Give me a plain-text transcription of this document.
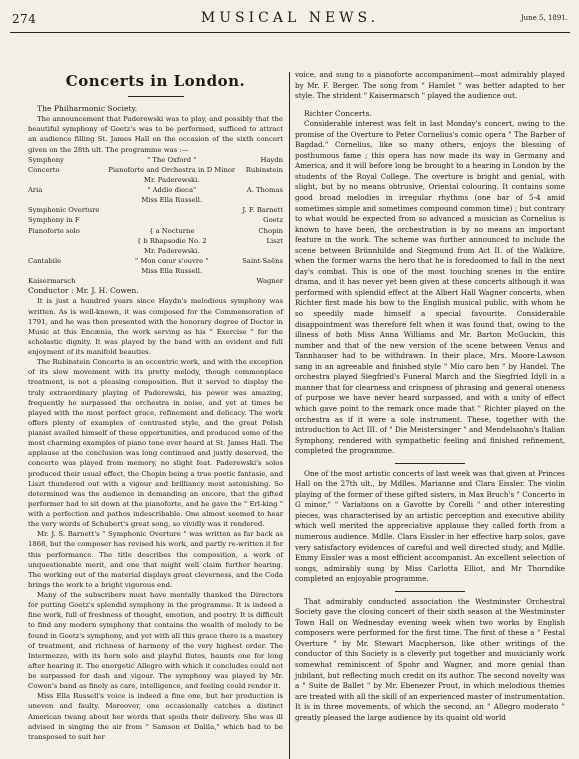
274	MUSICAL NEWS.	June 5, 1891.
Concerts in London.

The Philharmonic Society.

The announcement that Paderewski was to play, and possibly that the beautiful symphony of Goetz's was to be performed, sufficed to attract an audience filling St. James Hall on the occasion of the sixth concert given on the 28th ult. The programme was :—

Symphony	" The Oxford "	Haydn
Concerto	Pianoforte and Orchestra in D Minor	Rubinstein
	Mr. Paderewski.	
Aria	" Addio dieca"	A. Thomas
	Miss Ella Russell.	
Symphonic Overture		J. F. Barnett
Symphony in F		Goetz
Pianoforte solo	{ a Nocturne	Chopin
	{ b Rhapsodie No. 2	Liszt
	Mr. Paderewski.	
Cantabile	" Mon cœur s'ouvre "	Saint-Saëns
	Miss Ella Russell.	
Kaisermarsch		Wagner

Conductor : Mr. J. H. Cowen.

It is just a hundred years since Haydn's melodious symphony was written. As is well-known, it was composed for the Commemoration of 1791, and he was then presented with the honorary degree of Doctor in Music at this Encænia, the work serving as his " Exercise " for the scholastic dignity. It was played by the band with an evident and full enjoyment of its manifold beauties.

The Rubinstein Concerto is an eccentric work, and with the exception of its slow movement with its pretty melody, though commonplace treatment, is not a pleasing composition. But it served to display the truly extraordinary playing of Paderewski, his power was amazing, frequently he surpassed the orchestra in noise, and yet at times he played with the most perfect grace, refinement and delicacy. The work offers plenty of examples of contrasted style, and the great Polish pianist availed himself of these opportunities, and produced some of the most charming examples of piano tone ever heard at St. James Hall. The applause at the conclusion was long continued and justly deserved, the concerto was played from memory, no slight feat. Paderewski's solos produced their usual effect, the Chopin being a true poetic fantasie, and Liszt thundered out with a vigour and brilliancy most astonishing. So determined was the audience in demanding an encore, that the gifted performer had to sit down at the pianoforte, and he gave the " Erl-king " with a perfection and pathos indescribable. One almost seemed to hear the very words of Schubert's great song, so vividly was it rendered.

Mr. J. S. Barnett's " Symphonic Overture " was written as far back as 1868, but the composer has revised his work, and partly re-written it for this performance. The title describes the composition, a work of unquestionable merit, and one that might well claim further hearing. The working out of the material displays great cleverness, and the Coda brings the work to a bright vigorous end.

Many of the subscribers must have mentally thanked the Directors for putting Goetz's splendid symphony in the programme. It is indeed a fine work, full of freshness of thought, emotion, and poetry. It is difficult to find any modern symphony that contains the wealth of melody to be found in Goetz's symphony, and yet with all this grace there is a mastery of treatment, and richness of harmony of the very highest order. The Intermezzo, with its horn solo and playful flutes, haunts one for long after hearing it. The energetic Allegro with which it concludes could not be surpassed for dash and vigour. The symphony was played by Mr. Cowen's band as finely as care, intelligence, and feeling could render it.

Miss Ella Russell's voice is indeed a fine one, but her production is uneven and faulty. Moreover, one occasionally catches a distinct American twang about her words that spoils their delivery. She was ill advised in singing the air from " Samson et Dalila," which had to be transposed to suit her

voice, and sung to a pianoforte accompaniment—most admirably played by Mr. F. Berger. The song from " Hamlet " was better adapted to her style. The strident " Kaisermarsch " played the audience out.

Richter Concerts.

Considerable interest was felt in last Monday's concert, owing to the promise of the Overture to Peter Cornelius's comic opera " The Barber of Bagdad." Cornelius, like so many others, enjoys the blessing of posthumous fame ; this opera has now made its way in Germany and America, and it will before long be brought to a hearing in London by the students of the Royal College. The overture is bright and genial, with slight, but by no means obtrusive, Oriental colouring. It contains some good broad melodies in irregular rhythms (one bar of 5-4 amid sometimes simple and sometimes compound common time) ; but contrary to what would be expected from so advanced a musician as Cornelius is known to have been, the orchestration is by no means an important feature in the work. The scheme was further announced to include the scene between Brünnhilde and Siegmund from Act II. of the Walküre, when the former warns the hero that he is foredoomed to fall in the next day's combat. This is one of the most touching scenes in the entire drama, and it has never yet been given at these concerts although it was performed with splendid effect at the Albert Hall Wagner concerts, when Richter first made his bow to the English musical public, with whom he so speedily made himself a special favourite. Considerable disappointment was therefore felt when it was found that, owing to the illness of both Miss Anna Williams and Mr. Barton McGuckin, this number and that of the new version of the scene between Venus and Tannhauser had to be withdrawn. In their place, Mrs. Moore-Lawson sang in an agreeable and finished style " Mio caro ben " by Handel. The orchestra played Siegfried's Funeral March and the Siegfried Idyll in a manner that for clearness and crispness of phrasing and general oneness of purpose we have never heard surpassed, and with a unity of effect which gave point to the remark once made that " Richter played on the orchestra as if it were a sole instrument. These, together with the introduction to Act III. of " Die Meistersinger " and Mendelssohn's Italian Symphony, rendered with sympathetic feeling and finished refinement, completed the programme.

One of the most artistic concerts of last week was that given at Princes Hall on the 27th ult., by Mdlles. Marianne and Clara Eissler. The violin playing of the former of these gifted sisters, in Max Bruch's " Concerto in G minor," " Variations on a Gavotte by Corelli " and other interesting pieces, was characterised by an artistic perception and executive ability which well merited the appreciative applause they called forth from a numerous audience. Mdlle. Clara Eissler in her effective harp solos, gave very satisfactory evidences of careful and well directed study, and Mdlle. Emmy Eissler was a most efficient accompanist. An excellent selection of songs, admirably sung by Miss Carlotta Elliot, and Mr Thorndike completed an enjoyable programme.

That admirably conducted association the Westminster Orchestral Society gave the closing concert of their sixth season at the Westminster Town Hall on Wednesday evening week when two works by English composers were performed for the first time. The first of these a " Festal Overture " by Mr. Stewart Macpherson, like other writings of the conductor of this Society is a cleverly put together and musicianly work somewhat reminiscent of Spohr and Wagner, and more genial than jubilant, but reflecting much credit on its author. The second novelty was a " Suite de Ballet " by Mr. Ebenezer Prout, in which melodious themes are treated with all the skill of an experienced master of instrumentation. It is in three movements, of which the second, an " Allegro moderato " greatly pleased the large audience by its quaint old world
